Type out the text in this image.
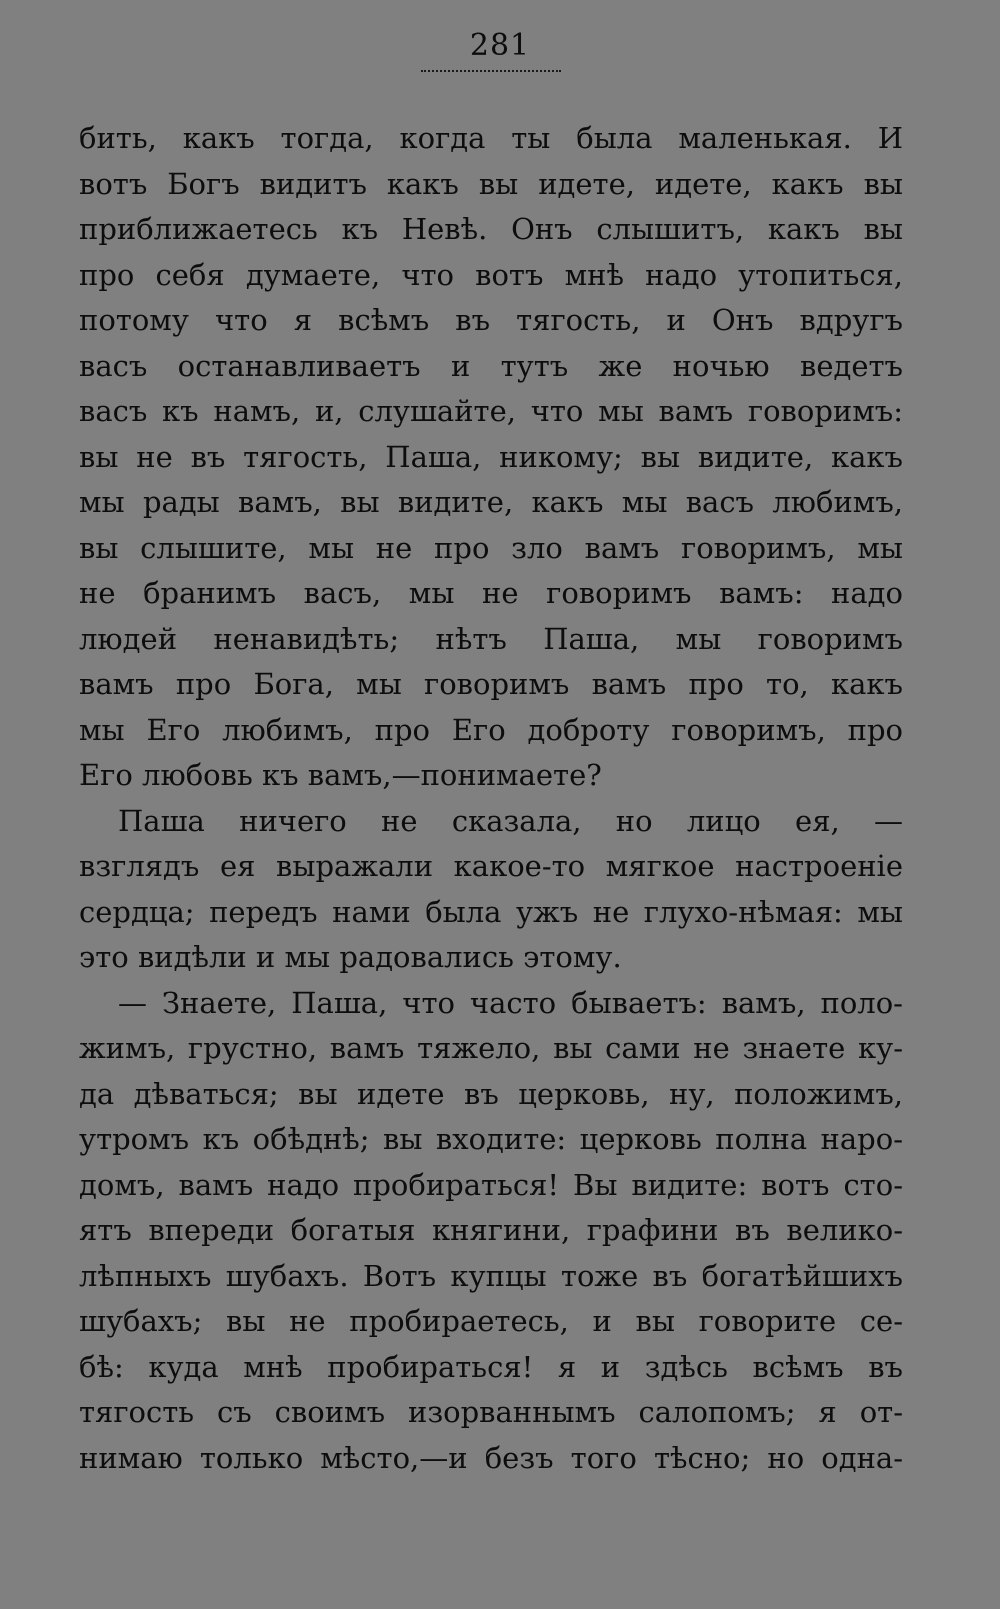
281
бить, какъ тогда, когда ты была маленькая. И
вотъ Богъ видитъ какъ вы идете, идете, какъ вы
приближаетесь къ Невѣ. Онъ слышитъ, какъ вы
про себя думаете, что вотъ мнѣ надо утопиться,
потому что я всѣмъ въ тягость, и Онъ вдругъ
васъ останавливаетъ и тутъ же ночью ведетъ
васъ къ намъ, и, слушайте, что мы вамъ говоримъ:
вы не въ тягость, Паша, никому; вы видите, какъ
мы рады вамъ, вы видите, какъ мы васъ любимъ,
вы слышите, мы не про зло вамъ говоримъ, мы
не бранимъ васъ, мы не говоримъ вамъ: надо
людей ненавидѣть; нѣтъ Паша, мы говоримъ
вамъ про Бога, мы говоримъ вамъ про то, какъ
мы Его любимъ, про Его доброту говоримъ, про
Его любовь къ вамъ,—понимаете?
Паша ничего не сказала, но лицо ея, —
взглядъ ея выражали какое-то мягкое настроеніе
сердца; передъ нами была ужъ не глухо-нѣмая: мы
это видѣли и мы радовались этому.
— Знаете, Паша, что часто бываетъ: вамъ, поло-
жимъ, грустно, вамъ тяжело, вы сами не знаете ку-
да дѣваться; вы идете въ церковь, ну, положимъ,
утромъ къ обѣднѣ; вы входите: церковь полна наро-
домъ, вамъ надо пробираться! Вы видите: вотъ сто-
ятъ впереди богатыя княгини, графини въ велико-
лѣпныхъ шубахъ. Вотъ купцы тоже въ богатѣйшихъ
шубахъ; вы не пробираетесь, и вы говорите се-
бѣ: куда мнѣ пробираться! я и здѣсь всѣмъ въ
тягость съ своимъ изорваннымъ салопомъ; я от-
нимаю только мѣсто,—и безъ того тѣсно; но одна-
